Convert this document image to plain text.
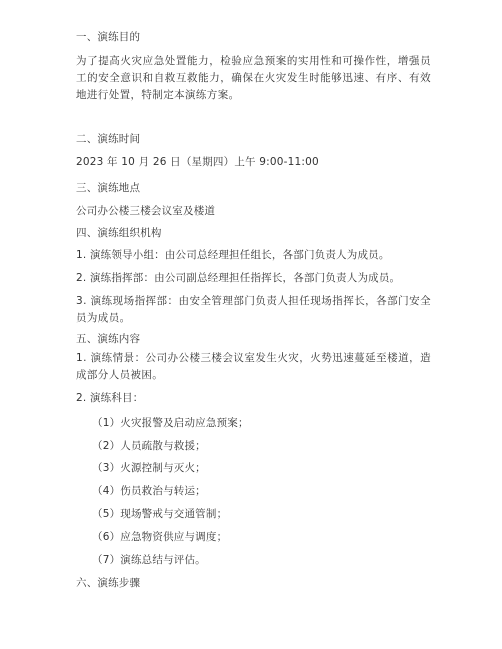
一、演练目的
为了提高火灾应急处置能力，检验应急预案的实用性和可操作性，增强员工的安全意识和自救互救能力，确保在火灾发生时能够迅速、有序、有效地进行处置，特制定本演练方案。
二、演练时间
2023 年 10 月 26 日（星期四）上午 9:00-11:00
三、演练地点
公司办公楼三楼会议室及楼道
四、演练组织机构
1. 演练领导小组：由公司总经理担任组长，各部门负责人为成员。
2. 演练指挥部：由公司副总经理担任指挥长，各部门负责人为成员。
3. 演练现场指挥部：由安全管理部门负责人担任现场指挥长，各部门安全员为成员。
五、演练内容
1. 演练情景：公司办公楼三楼会议室发生火灾，火势迅速蔓延至楼道，造成部分人员被困。
2. 演练科目：
（1）火灾报警及启动应急预案；
（2）人员疏散与救援；
（3）火源控制与灭火；
（4）伤员救治与转运；
（5）现场警戒与交通管制；
（6）应急物资供应与调度；
（7）演练总结与评估。
六、演练步骤
